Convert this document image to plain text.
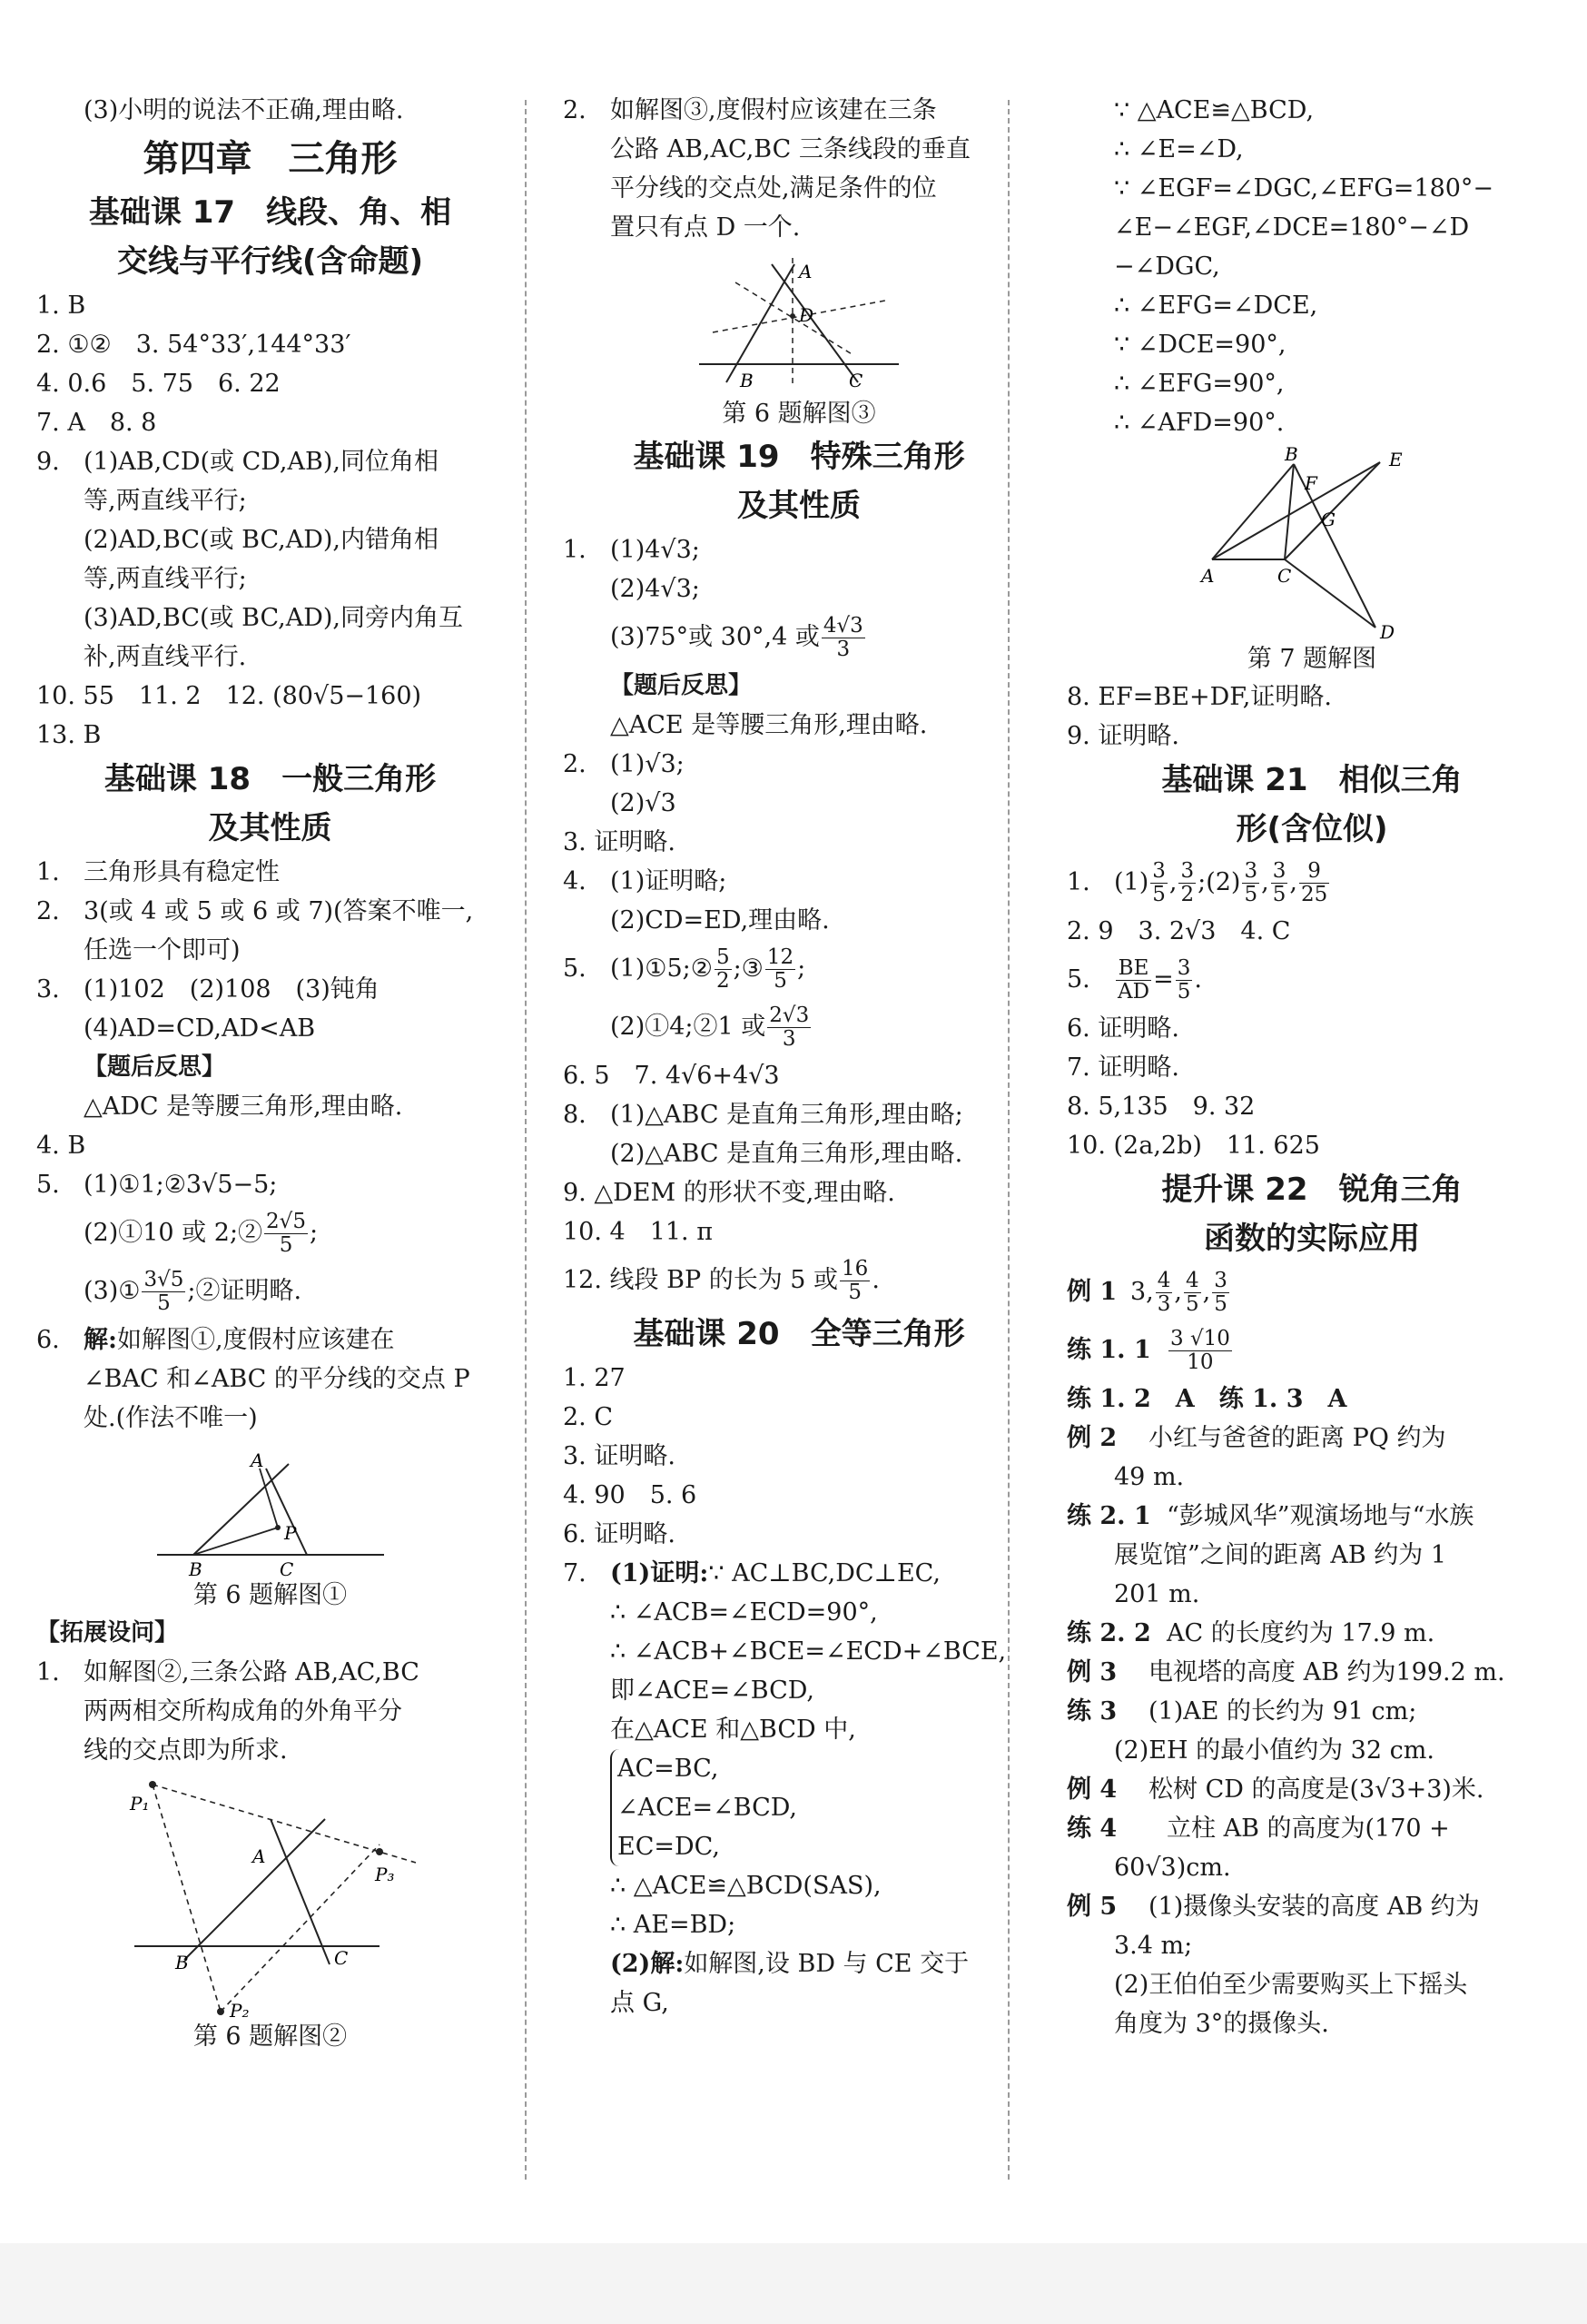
(3)小明的说法不正确,理由略.
第四章　三角形
基础课 17　线段、角、相
交线与平行线(含命题)
1. B
2. ①②　3. 54°33′,144°33′
4. 0.6　5. 75　6. 22
7. A　8. 8
9. (1)AB,CD(或 CD,AB),同位角相
等,两直线平行;
(2)AD,BC(或 BC,AD),内错角相
等,两直线平行;
(3)AD,BC(或 BC,AD),同旁内角互
补,两直线平行.
10. 55　11. 2　12. (80√5−160)
13. B
基础课 18　一般三角形
及其性质
1. 三角形具有稳定性
2. 3(或 4 或 5 或 6 或 7)(答案不唯一,
任选一个即可)
3. (1)102　(2)108　(3)钝角
(4)AD=CD,AD<AB
【题后反思】
△ADC 是等腰三角形,理由略.
4. B
5. (1)①1;②3√5−5;
(2)①10 或 2;② $\frac{2√5}{5}$ ;
(3)① $\frac{3√5}{5}$ ;②证明略.
6. 解:如解图①,度假村应该建在
∠BAC 和∠ABC 的平分线的交点 P
处.(作法不唯一)
A
B	C
P
第 6 题解图①
【拓展设问】
1. 如解图②,三条公路 AB,AC,BC
两两相交所构成角的外角平分
线的交点即为所求.
P₁
P₃
P₂
A
B	C
第 6 题解图②
2. 如解图③,度假村应该建在三条
公路 AB,AC,BC 三条线段的垂直
平分线的交点处,满足条件的位
置只有点 D 一个.
A
D
B	C
第 6 题解图③
基础课 19　特殊三角形
及其性质
1. (1)4√3;
(2)4√3;
(3)75°或 30°,4 或 $\frac{4√3}{3}$
【题后反思】
△ACE 是等腰三角形,理由略.
2. (1)√3;
(2)√3
3. 证明略.
4. (1)证明略;
(2)CD=ED,理由略.
5. (1)①5;② $\frac{5}{2}$ ;③ $\frac{12}{5}$ ;
(2)①4;②1 或 $\frac{2√3}{3}$
6. 5　7. 4√6+4√3
8. (1)△ABC 是直角三角形,理由略;
(2)△ABC 是直角三角形,理由略.
9. △DEM 的形状不变,理由略.
10. 4　11. π
12. 线段 BP 的长为 5 或 $\frac{16}{5}$ .
基础课 20　全等三角形
1. 27
2. C
3. 证明略.
4. 90　5. 6
6. 证明略.
7. (1)证明:∵ AC⊥BC,DC⊥EC,
∴ ∠ACB=∠ECD=90°,
∴ ∠ACB+∠BCE=∠ECD+∠BCE,
即∠ACE=∠BCD,
在△ACE 和△BCD 中,
AC=BC,
∠ACE=∠BCD,
EC=DC,
∴ △ACE≌△BCD(SAS),
∴ AE=BD;
(2)解:如解图,设 BD 与 CE 交于
点 G,
∵ △ACE≌△BCD,
∴ ∠E=∠D,
∵ ∠EGF=∠DGC,∠EFG=180°−
∠E−∠EGF,∠DCE=180°−∠D
−∠DGC,
∴ ∠EFG=∠DCE,
∵ ∠DCE=90°,
∴ ∠EFG=90°,
∴ ∠AFD=90°.
B	E
F
G
A	C
D
第 7 题解图
8. EF=BE+DF,证明略.
9. 证明略.
基础课 21　相似三角
形(含位似)
1. $(1) \frac{3}{5}$ , $\frac{3}{2}$ ;(2) $\frac{3}{5}$ , $\frac{3}{5}$ , $\frac{9}{25}$
2. 9　3. 2√3　4. C
5. $\frac{BE}{AD} = \frac{3}{5}$ .
6. 证明略.
7. 证明略.
8. 5,135　9. 32
10. (2a,2b)　11. 625
提升课 22　锐角三角
函数的实际应用
例 1 3, $\frac{4}{3}$ , $\frac{4}{5}$ , $\frac{3}{5}$
练 1. $1 \frac{3 √10}{10}$
练 1. 2　A　练 1. 3　A
例 2 小红与爸爸的距离 PQ 约为
49 m.
练 2. 1 “彭城风华”观演场地与“水族
展览馆”之间的距离 AB 约为 1
201 m.
练 2. 2 AC 的长度约为 17.9 m.
例 3 电视塔的高度 AB 约为199.2 m.
练 3 (1)AE 的长约为 91 cm;
(2)EH 的最小值约为 32 cm.
例 4 松树 CD 的高度是(3√3+3)米.
练 4 立柱 AB 的高度为(170 +
60√3)cm.
例 5 (1)摄像头安装的高度 AB 约为
3.4 m;
(2)王伯伯至少需要购买上下摇头
角度为 3°的摄像头.
